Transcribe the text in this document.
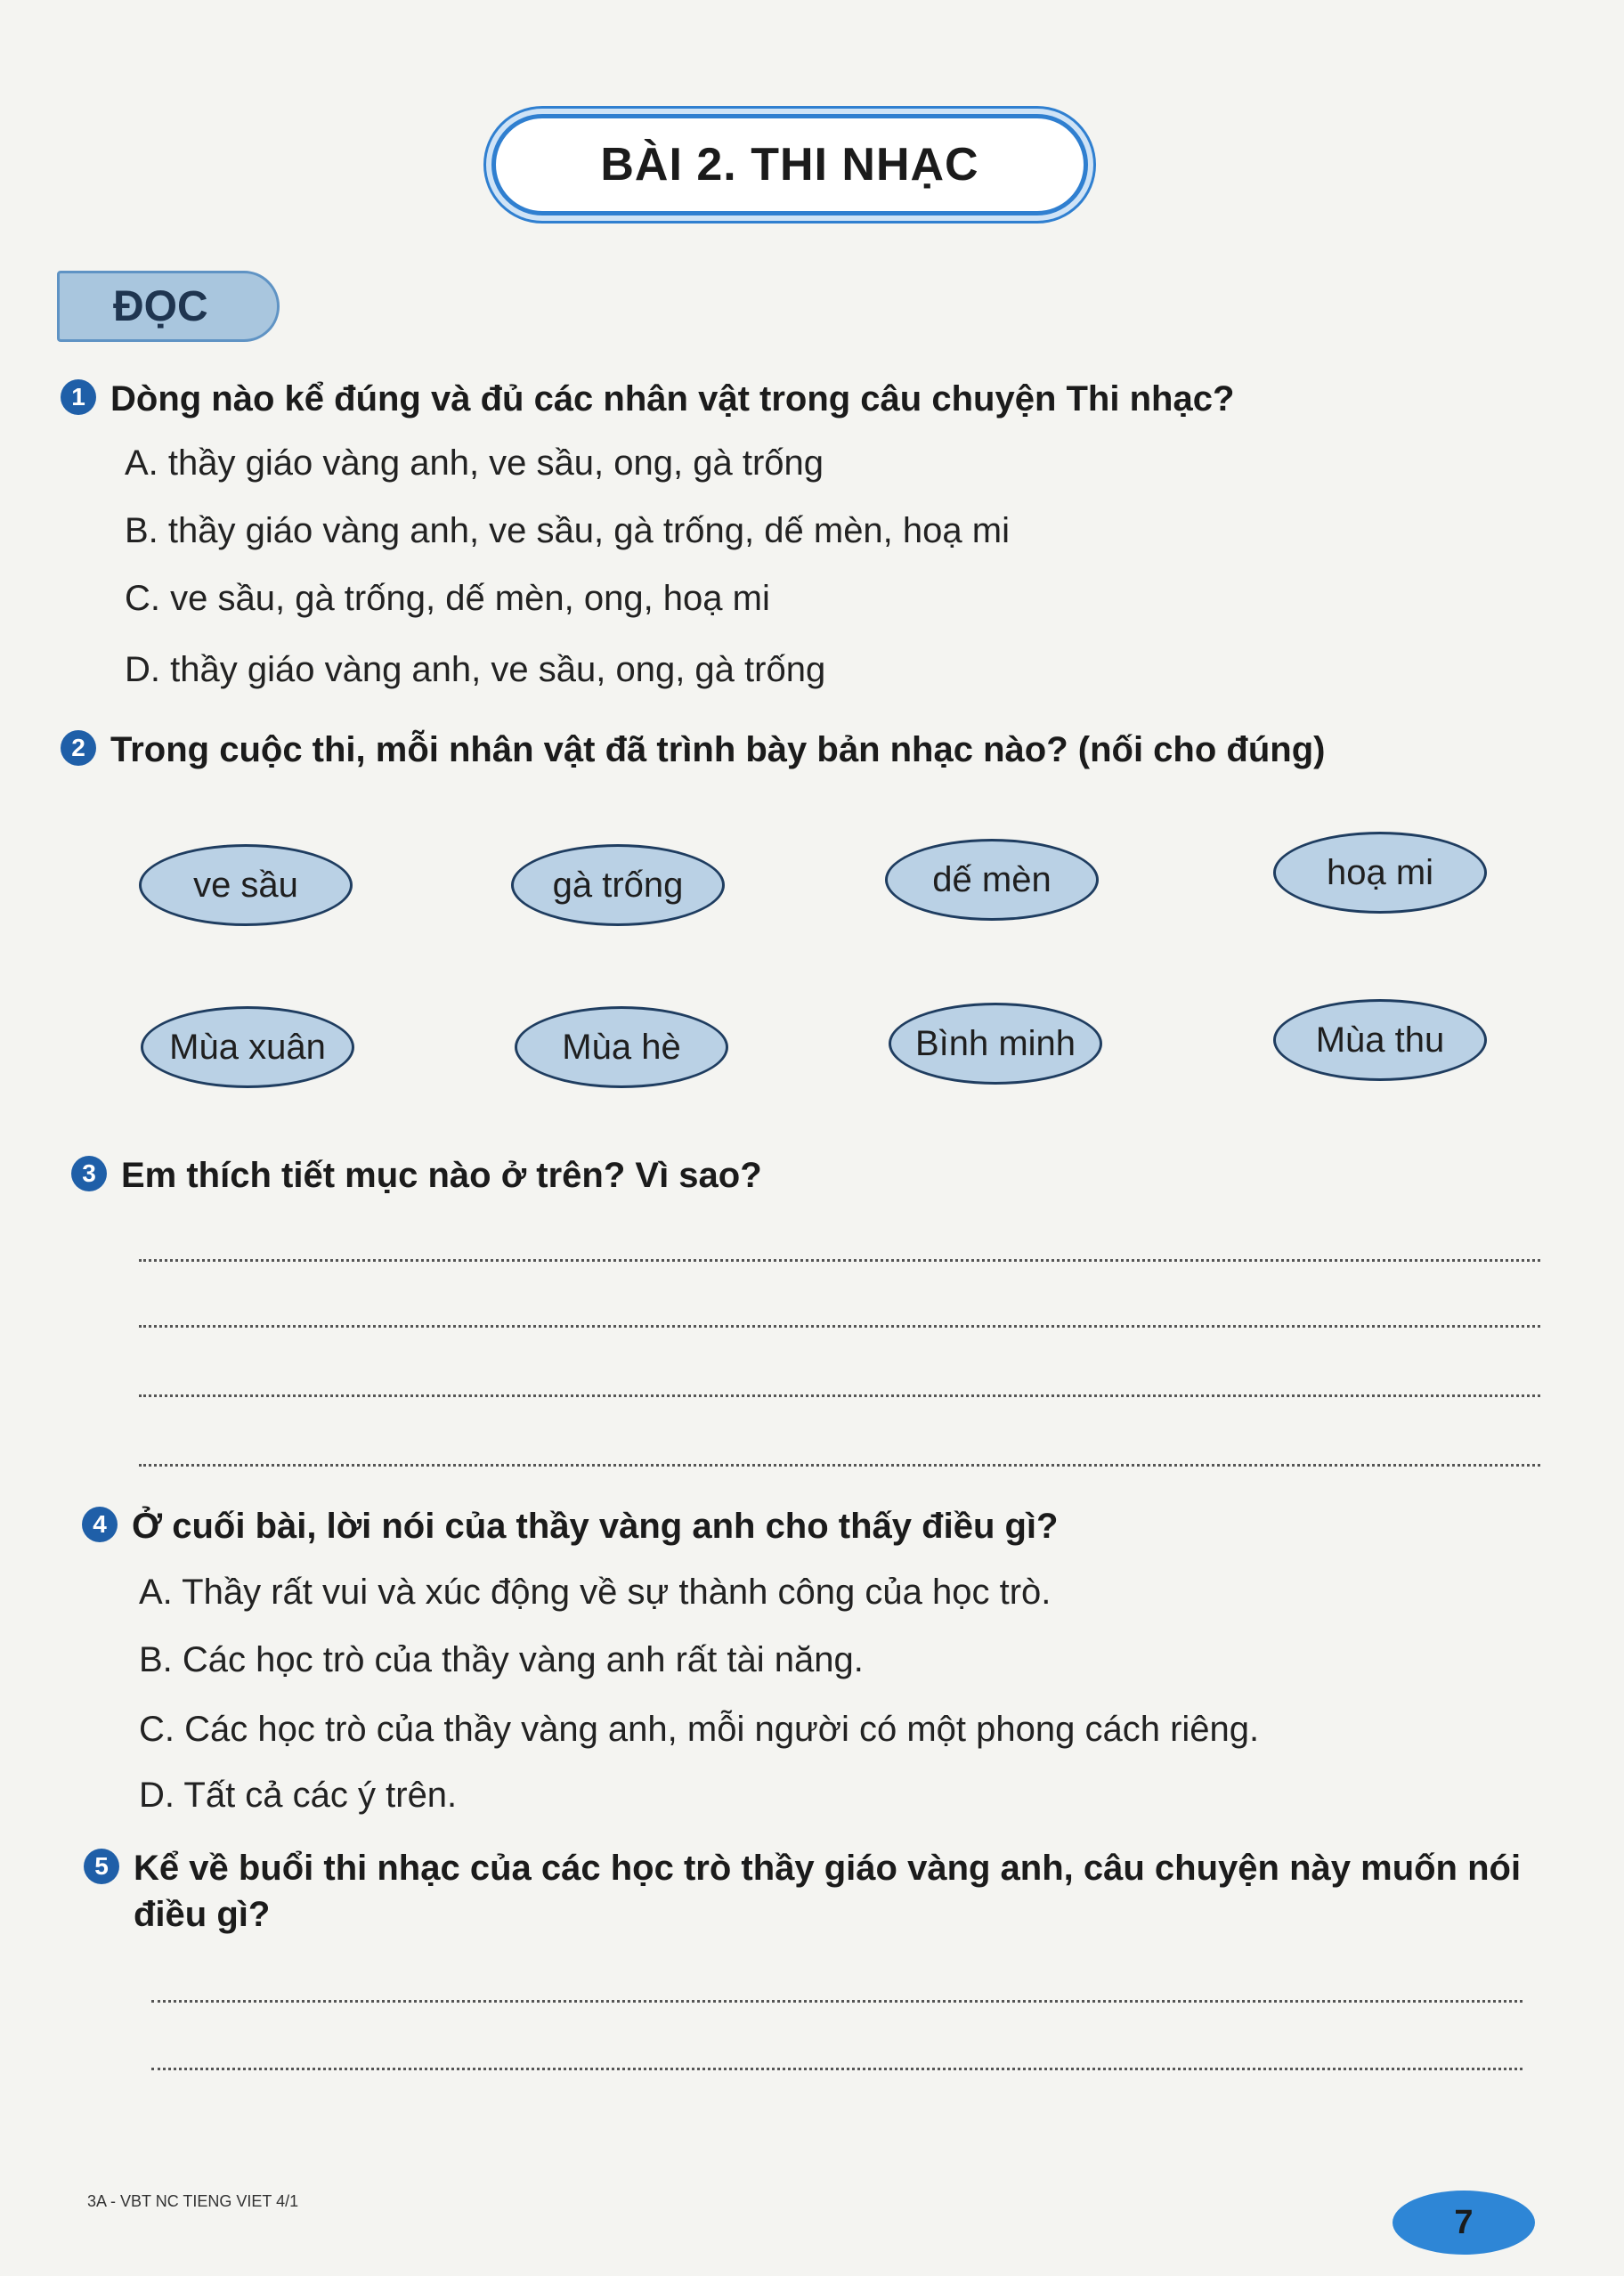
BÀI 2. THI NHẠC
ĐỌC
1 Dòng nào kể đúng và đủ các nhân vật trong câu chuyện Thi nhạc?
A. thầy giáo vàng anh, ve sầu, ong, gà trống
B. thầy giáo vàng anh, ve sầu, gà trống, dế mèn, hoạ mi
C. ve sầu, gà trống, dế mèn, ong, hoạ mi
D. thầy giáo vàng anh, ve sầu, ong, gà trống
2 Trong cuộc thi, mỗi nhân vật đã trình bày bản nhạc nào? (nối cho đúng)
ve sầu	gà trống	dế mèn	hoạ mi
Mùa xuân	Mùa hè	Bình minh	Mùa thu
3 Em thích tiết mục nào ở trên? Vì sao?
4 Ở cuối bài, lời nói của thầy vàng anh cho thấy điều gì?
A. Thầy rất vui và xúc động về sự thành công của học trò.
B. Các học trò của thầy vàng anh rất tài năng.
C. Các học trò của thầy vàng anh, mỗi người có một phong cách riêng.
D. Tất cả các ý trên.
5 Kể về buổi thi nhạc của các học trò thầy giáo vàng anh, câu chuyện này muốn nói điều gì?
3A - VBT NC TIENG VIET 4/1
7
